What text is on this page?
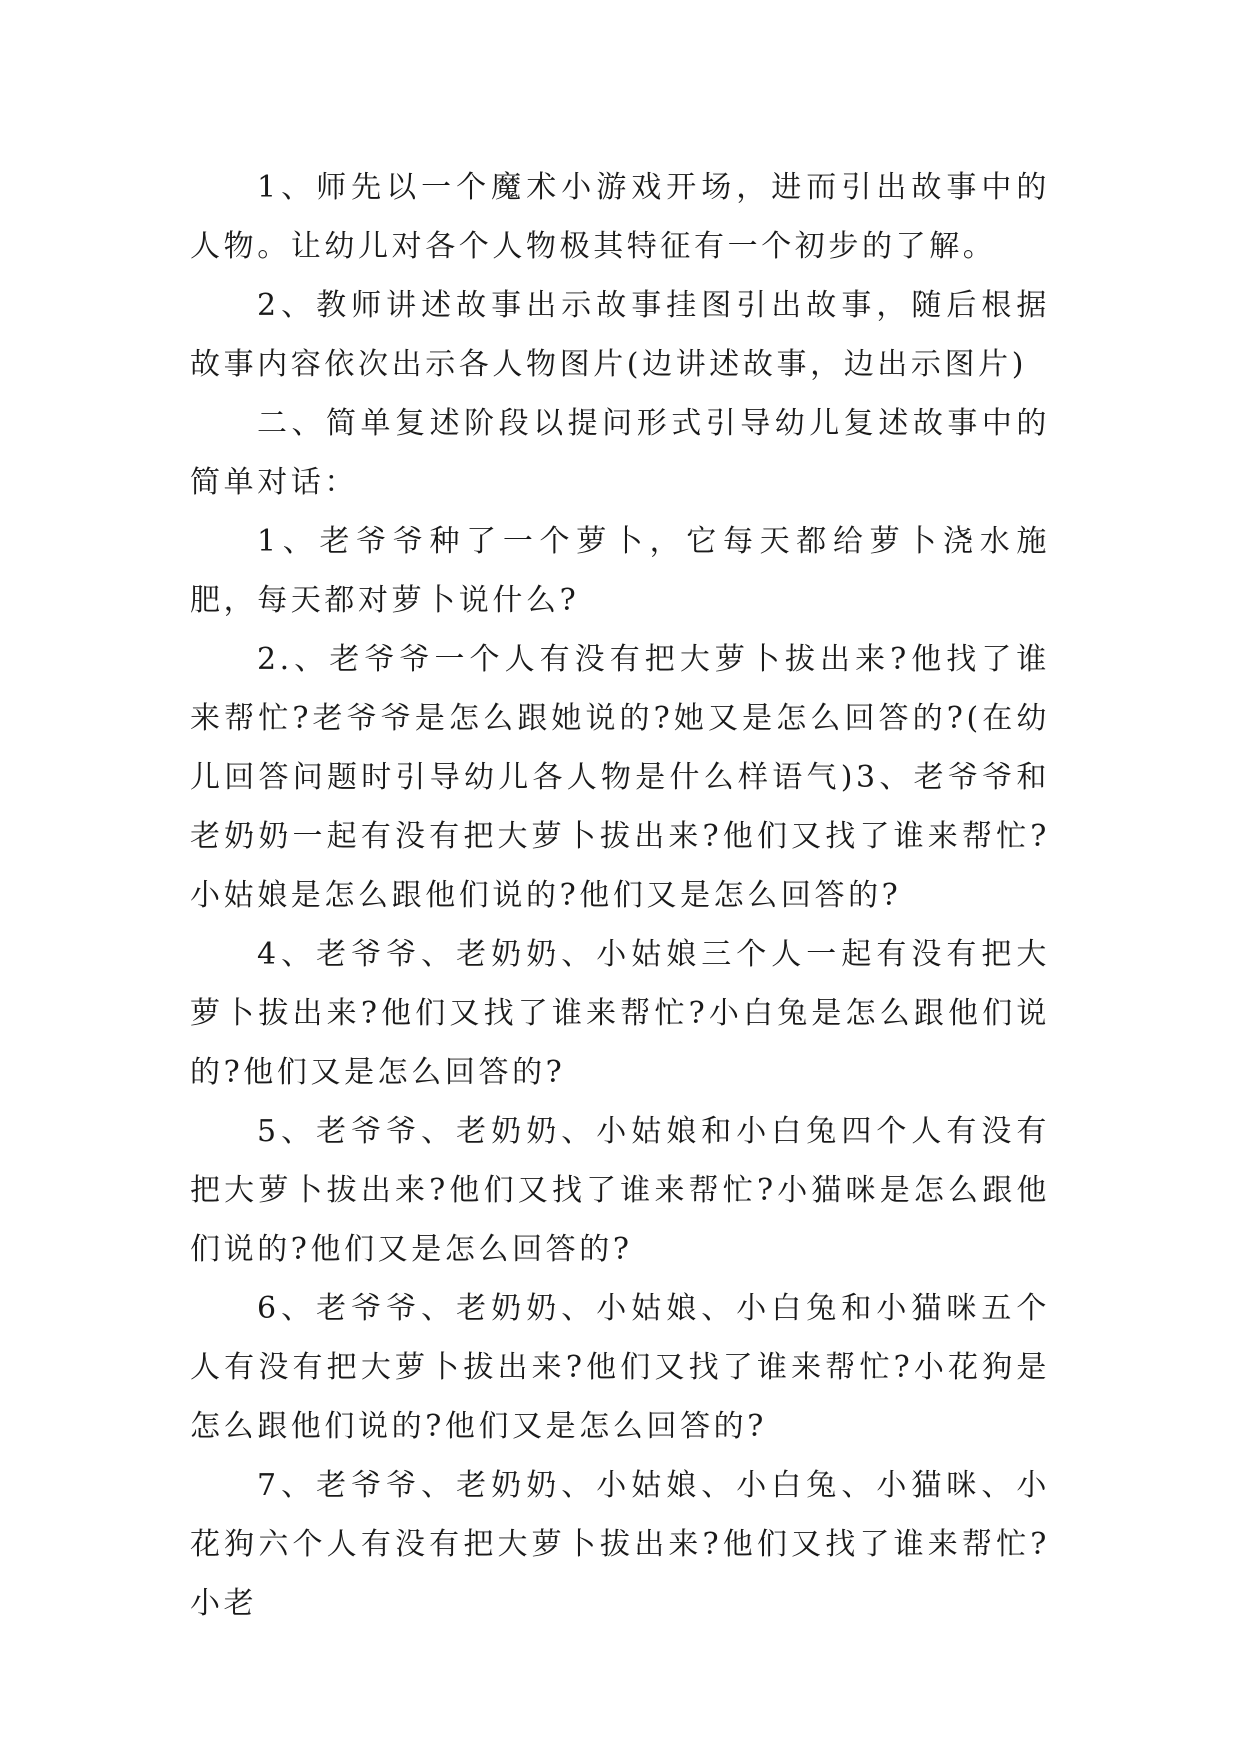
1、师先以一个魔术小游戏开场，进而引出故事中的人物。让幼儿对各个人物极其特征有一个初步的了解。

2、教师讲述故事出示故事挂图引出故事，随后根据故事内容依次出示各人物图片(边讲述故事，边出示图片)

二、简单复述阶段以提问形式引导幼儿复述故事中的简单对话：

1、老爷爷种了一个萝卜，它每天都给萝卜浇水施肥，每天都对萝卜说什么?

2.、老爷爷一个人有没有把大萝卜拔出来?他找了谁来帮忙?老爷爷是怎么跟她说的?她又是怎么回答的?(在幼儿回答问题时引导幼儿各人物是什么样语气)3、老爷爷和老奶奶一起有没有把大萝卜拔出来?他们又找了谁来帮忙?小姑娘是怎么跟他们说的?他们又是怎么回答的?

4、老爷爷、老奶奶、小姑娘三个人一起有没有把大萝卜拔出来?他们又找了谁来帮忙?小白兔是怎么跟他们说的?他们又是怎么回答的?

5、老爷爷、老奶奶、小姑娘和小白兔四个人有没有把大萝卜拔出来?他们又找了谁来帮忙?小猫咪是怎么跟他们说的?他们又是怎么回答的?

6、老爷爷、老奶奶、小姑娘、小白兔和小猫咪五个人有没有把大萝卜拔出来?他们又找了谁来帮忙?小花狗是怎么跟他们说的?他们又是怎么回答的?

7、老爷爷、老奶奶、小姑娘、小白兔、小猫咪、小花狗六个人有没有把大萝卜拔出来?他们又找了谁来帮忙?小老
